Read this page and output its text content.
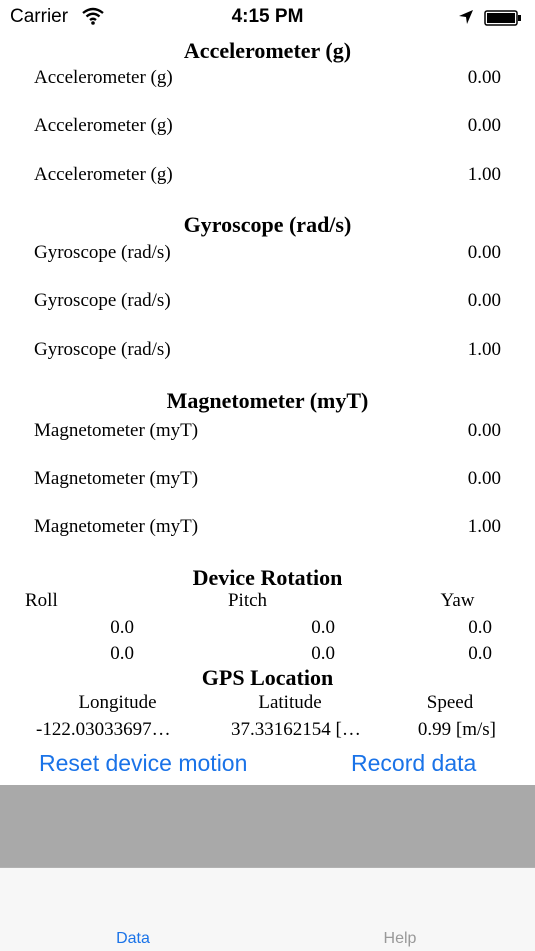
Carrier	4:15 PM
Accelerometer (g)
Accelerometer (g)	0.00
Accelerometer (g)	0.00
Accelerometer (g)	1.00
Gyroscope (rad/s)
Gyroscope (rad/s)	0.00
Gyroscope (rad/s)	0.00
Gyroscope (rad/s)	1.00
Magnetometer (myT)
Magnetometer (myT)	0.00
Magnetometer (myT)	0.00
Magnetometer (myT)	1.00
Device Rotation
Roll	Pitch	Yaw
0.0	0.0	0.0
0.0	0.0	0.0
GPS Location
Longitude	Latitude	Speed
-122.03033697…	37.33162154 […	0.99 [m/s]
Reset device motion	Record data
Data	Help
